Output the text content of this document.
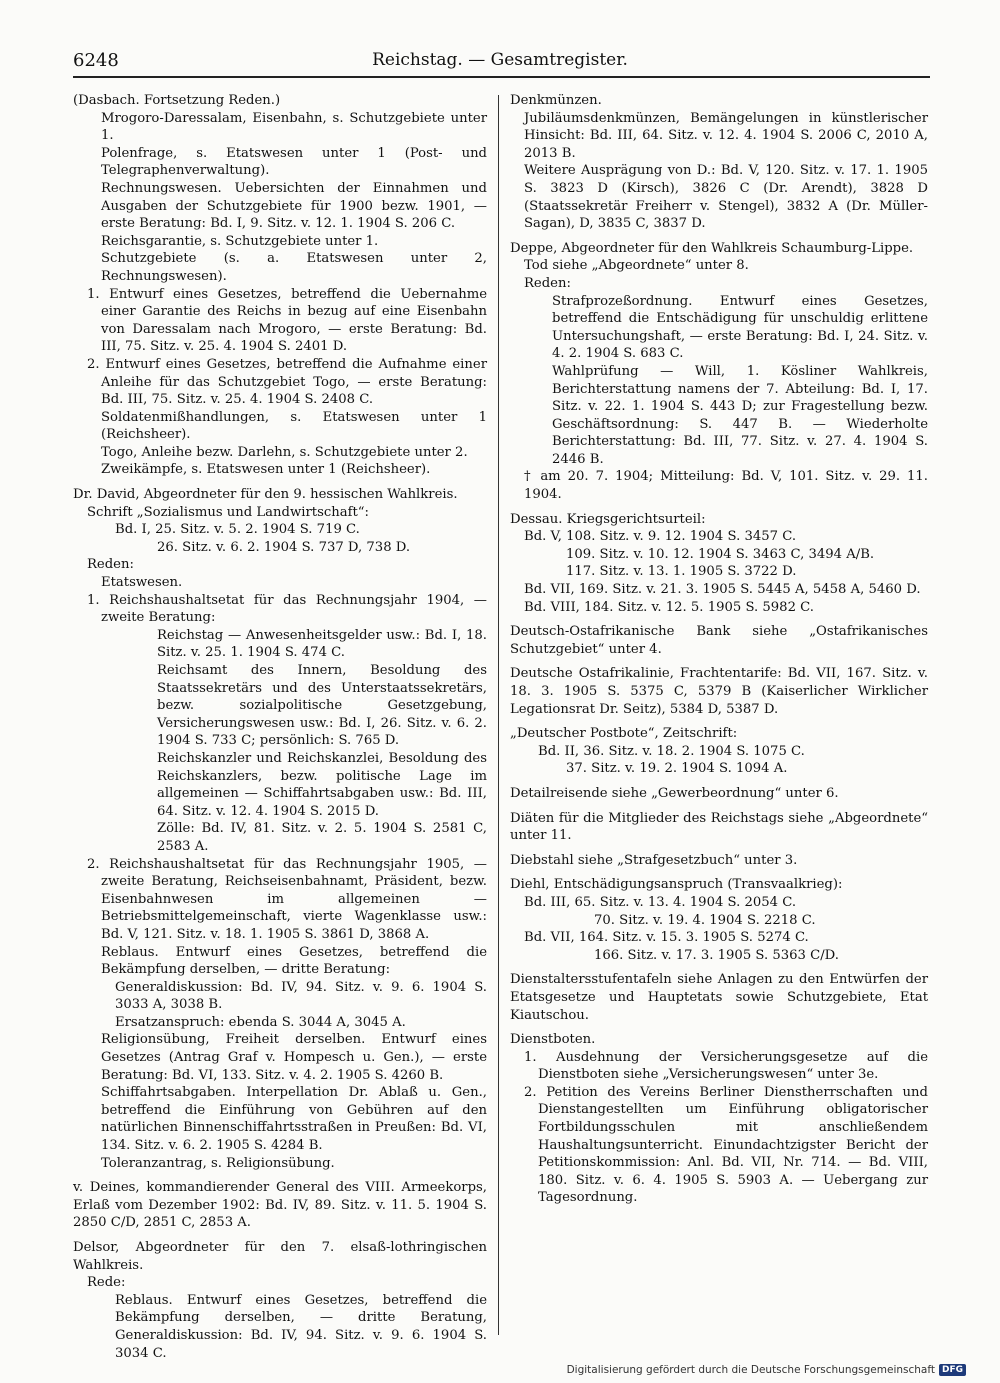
6248	Reichstag. — Gesamtregister.

(Dasbach. Fortsetzung Reden.)

Mrogoro-Daressalam, Eisenbahn, s. Schutzgebiete unter 1.

Polenfrage, s. Etatswesen unter 1 (Post- und Telegraphenverwaltung).

Rechnungswesen. Uebersichten der Einnahmen und Ausgaben der Schutzgebiete für 1900 bezw. 1901, — erste Beratung: Bd. I, 9. Sitz. v. 12. 1. 1904 S. 206 C.

Reichsgarantie, s. Schutzgebiete unter 1.

Schutzgebiete (s. a. Etatswesen unter 2, Rechnungswesen).

1. Entwurf eines Gesetzes, betreffend die Uebernahme einer Garantie des Reichs in bezug auf eine Eisenbahn von Daressalam nach Mrogoro, — erste Beratung: Bd. III, 75. Sitz. v. 25. 4. 1904 S. 2401 D.

2. Entwurf eines Gesetzes, betreffend die Aufnahme einer Anleihe für das Schutzgebiet Togo, — erste Beratung: Bd. III, 75. Sitz. v. 25. 4. 1904 S. 2408 C.

Soldatenmißhandlungen, s. Etatswesen unter 1 (Reichsheer).

Togo, Anleihe bezw. Darlehn, s. Schutzgebiete unter 2.

Zweikämpfe, s. Etatswesen unter 1 (Reichsheer).

Dr. David, Abgeordneter für den 9. hessischen Wahlkreis.

Schrift „Sozialismus und Landwirtschaft“:

Bd. I, 25. Sitz. v. 5. 2. 1904 S. 719 C.

26. Sitz. v. 6. 2. 1904 S. 737 D, 738 D.

Reden:

Etatswesen.

1. Reichshaushaltsetat für das Rechnungsjahr 1904, — zweite Beratung:

Reichstag — Anwesenheitsgelder usw.: Bd. I, 18. Sitz. v. 25. 1. 1904 S. 474 C.

Reichsamt des Innern, Besoldung des Staatssekretärs und des Unterstaatssekretärs, bezw. sozialpolitische Gesetzgebung, Versicherungswesen usw.: Bd. I, 26. Sitz. v. 6. 2. 1904 S. 733 C; persönlich: S. 765 D.

Reichskanzler und Reichskanzlei, Besoldung des Reichskanzlers, bezw. politische Lage im allgemeinen — Schiffahrtsabgaben usw.: Bd. III, 64. Sitz. v. 12. 4. 1904 S. 2015 D.

Zölle: Bd. IV, 81. Sitz. v. 2. 5. 1904 S. 2581 C, 2583 A.

2. Reichshaushaltsetat für das Rechnungsjahr 1905, — zweite Beratung, Reichseisenbahnamt, Präsident, bezw. Eisenbahnwesen im allgemeinen — Betriebsmittelgemeinschaft, vierte Wagenklasse usw.: Bd. V, 121. Sitz. v. 18. 1. 1905 S. 3861 D, 3868 A.

Reblaus. Entwurf eines Gesetzes, betreffend die Bekämpfung derselben, — dritte Beratung:

Generaldiskussion: Bd. IV, 94. Sitz. v. 9. 6. 1904 S. 3033 A, 3038 B.

Ersatzanspruch: ebenda S. 3044 A, 3045 A.

Religionsübung, Freiheit derselben. Entwurf eines Gesetzes (Antrag Graf v. Hompesch u. Gen.), — erste Beratung: Bd. VI, 133. Sitz. v. 4. 2. 1905 S. 4260 B.

Schiffahrtsabgaben. Interpellation Dr. Ablaß u. Gen., betreffend die Einführung von Gebühren auf den natürlichen Binnenschiffahrtsstraßen in Preußen: Bd. VI, 134. Sitz. v. 6. 2. 1905 S. 4284 B.

Toleranzantrag, s. Religionsübung.

v. Deines, kommandierender General des VIII. Armeekorps, Erlaß vom Dezember 1902: Bd. IV, 89. Sitz. v. 11. 5. 1904 S. 2850 C/D, 2851 C, 2853 A.

Delsor, Abgeordneter für den 7. elsaß-lothringischen Wahlkreis.

Rede:

Reblaus. Entwurf eines Gesetzes, betreffend die Bekämpfung derselben, — dritte Beratung, Generaldiskussion: Bd. IV, 94. Sitz. v. 9. 6. 1904 S. 3034 C.

Denkmünzen.

Jubiläumsdenkmünzen, Bemängelungen in künstlerischer Hinsicht: Bd. III, 64. Sitz. v. 12. 4. 1904 S. 2006 C, 2010 A, 2013 B.

Weitere Ausprägung von D.: Bd. V, 120. Sitz. v. 17. 1. 1905 S. 3823 D (Kirsch), 3826 C (Dr. Arendt), 3828 D (Staatssekretär Freiherr v. Stengel), 3832 A (Dr. Müller-Sagan), D, 3835 C, 3837 D.

Deppe, Abgeordneter für den Wahlkreis Schaumburg-Lippe.

Tod siehe „Abgeordnete“ unter 8.

Reden:

Strafprozeßordnung. Entwurf eines Gesetzes, betreffend die Entschädigung für unschuldig erlittene Untersuchungshaft, — erste Beratung: Bd. I, 24. Sitz. v. 4. 2. 1904 S. 683 C.

Wahlprüfung — Will, 1. Kösliner Wahlkreis, Berichterstattung namens der 7. Abteilung: Bd. I, 17. Sitz. v. 22. 1. 1904 S. 443 D; zur Fragestellung bezw. Geschäftsordnung: S. 447 B. — Wiederholte Berichterstattung: Bd. III, 77. Sitz. v. 27. 4. 1904 S. 2446 B.

† am 20. 7. 1904; Mitteilung: Bd. V, 101. Sitz. v. 29. 11. 1904.

Dessau. Kriegsgerichtsurteil:

Bd. V, 108. Sitz. v. 9. 12. 1904 S. 3457 C.

109. Sitz. v. 10. 12. 1904 S. 3463 C, 3494 A/B.

117. Sitz. v. 13. 1. 1905 S. 3722 D.

Bd. VII, 169. Sitz. v. 21. 3. 1905 S. 5445 A, 5458 A, 5460 D.

Bd. VIII, 184. Sitz. v. 12. 5. 1905 S. 5982 C.

Deutsch-Ostafrikanische Bank siehe „Ostafrikanisches Schutzgebiet“ unter 4.

Deutsche Ostafrikalinie, Frachtentarife: Bd. VII, 167. Sitz. v. 18. 3. 1905 S. 5375 C, 5379 B (Kaiserlicher Wirklicher Legationsrat Dr. Seitz), 5384 D, 5387 D.

„Deutscher Postbote“, Zeitschrift:

Bd. II, 36. Sitz. v. 18. 2. 1904 S. 1075 C.

37. Sitz. v. 19. 2. 1904 S. 1094 A.

Detailreisende siehe „Gewerbeordnung“ unter 6.

Diäten für die Mitglieder des Reichstags siehe „Abgeordnete“ unter 11.

Diebstahl siehe „Strafgesetzbuch“ unter 3.

Diehl, Entschädigungsanspruch (Transvaalkrieg):

Bd. III, 65. Sitz. v. 13. 4. 1904 S. 2054 C.

70. Sitz. v. 19. 4. 1904 S. 2218 C.

Bd. VII, 164. Sitz. v. 15. 3. 1905 S. 5274 C.

166. Sitz. v. 17. 3. 1905 S. 5363 C/D.

Dienstaltersstufentafeln siehe Anlagen zu den Entwürfen der Etatsgesetze und Hauptetats sowie Schutzgebiete, Etat Kiautschou.

Dienstboten.

1. Ausdehnung der Versicherungsgesetze auf die Dienstboten siehe „Versicherungswesen“ unter 3e.

2. Petition des Vereins Berliner Dienstherrschaften und Dienstangestellten um Einführung obligatorischer Fortbildungsschulen mit anschließendem Haushaltungsunterricht. Einundachtzigster Bericht der Petitionskommission: Anl. Bd. VII, Nr. 714. — Bd. VIII, 180. Sitz. v. 6. 4. 1905 S. 5903 A. — Uebergang zur Tagesordnung.

Digitalisierung gefördert durch die Deutsche Forschungsgemeinschaft DFG
